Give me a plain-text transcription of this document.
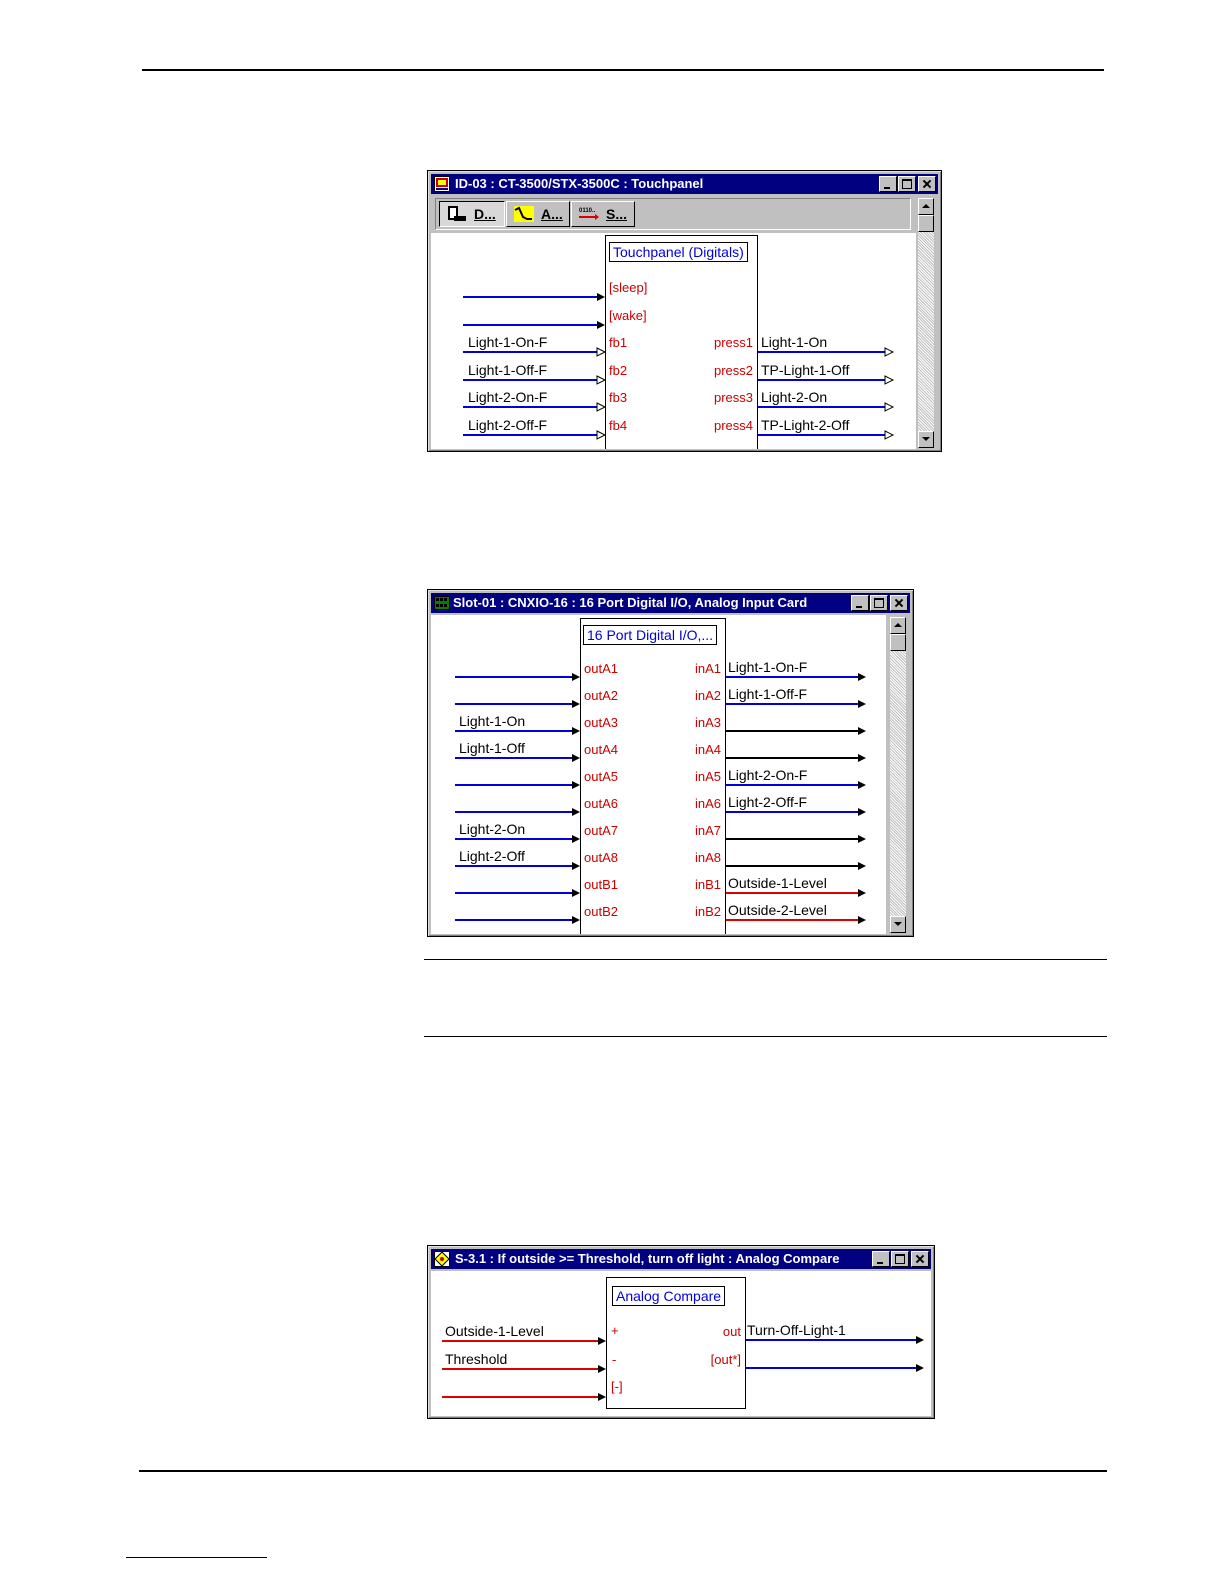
ID-03 : CT-3500/STX-3500C : Touchpanel
D...	A...	0110.. S...
Touchpanel (Digitals)
[sleep]
[wake]
fb1
fb2
fb3
fb4
press1
press2
press3
press4
Light-1-On-F
Light-1-Off-F
Light-2-On-F
Light-2-Off-F
Light-1-On
TP-Light-1-Off
Light-2-On
TP-Light-2-Off
Slot-01 : CNXIO-16 : 16 Port Digital I/O, Analog Input Card
16 Port Digital I/O,...
outA1
outA2
outA3
outA4
outA5
outA6
outA7
outA8
outB1
outB2
inA1
inA2
inA3
inA4
inA5
inA6
inA7
inA8
inB1
inB2
Light-1-On
Light-1-Off
Light-2-On
Light-2-Off
Light-1-On-F
Light-1-Off-F
Light-2-On-F
Light-2-Off-F
Outside-1-Level
Outside-2-Level
S-3.1 : If outside >= Threshold, turn off light : Analog Compare
Analog Compare
+
-
[-]
out
[out*]
Outside-1-Level
Threshold
Turn-Off-Light-1
